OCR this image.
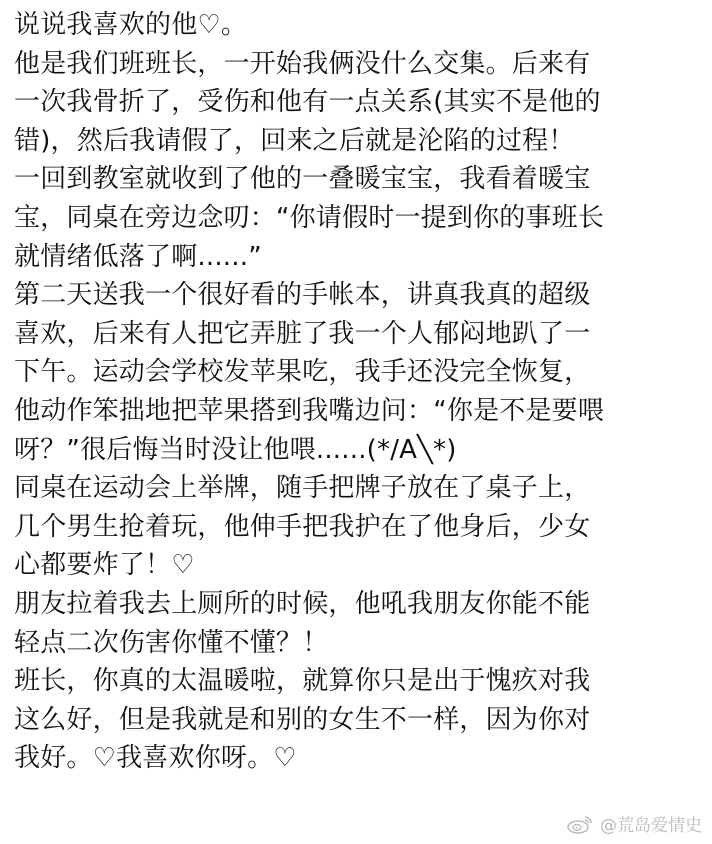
说说我喜欢的他♡。
他是我们班班长，一开始我俩没什么交集。后来有
一次我骨折了，受伤和他有一点关系(其实不是他的
错)，然后我请假了，回来之后就是沦陷的过程！
一回到教室就收到了他的一叠暖宝宝，我看着暖宝
宝，同桌在旁边念叨：“你请假时一提到你的事班长
就情绪低落了啊......”
第二天送我一个很好看的手帐本，讲真我真的超级
喜欢，后来有人把它弄脏了我一个人郁闷地趴了一
下午。运动会学校发苹果吃，我手还没完全恢复，
他动作笨拙地把苹果搭到我嘴边问：“你是不是要喂
呀？”很后悔当时没让他喂......(*/A╲*)
同桌在运动会上举牌，随手把牌子放在了桌子上，
几个男生抢着玩，他伸手把我护在了他身后，少女
心都要炸了！♡
朋友拉着我去上厕所的时候，他吼我朋友你能不能
轻点二次伤害你懂不懂？！
班长，你真的太温暖啦，就算你只是出于愧疚对我
这么好，但是我就是和别的女生不一样，因为你对
我好。♡我喜欢你呀。♡
@荒岛爱情史
